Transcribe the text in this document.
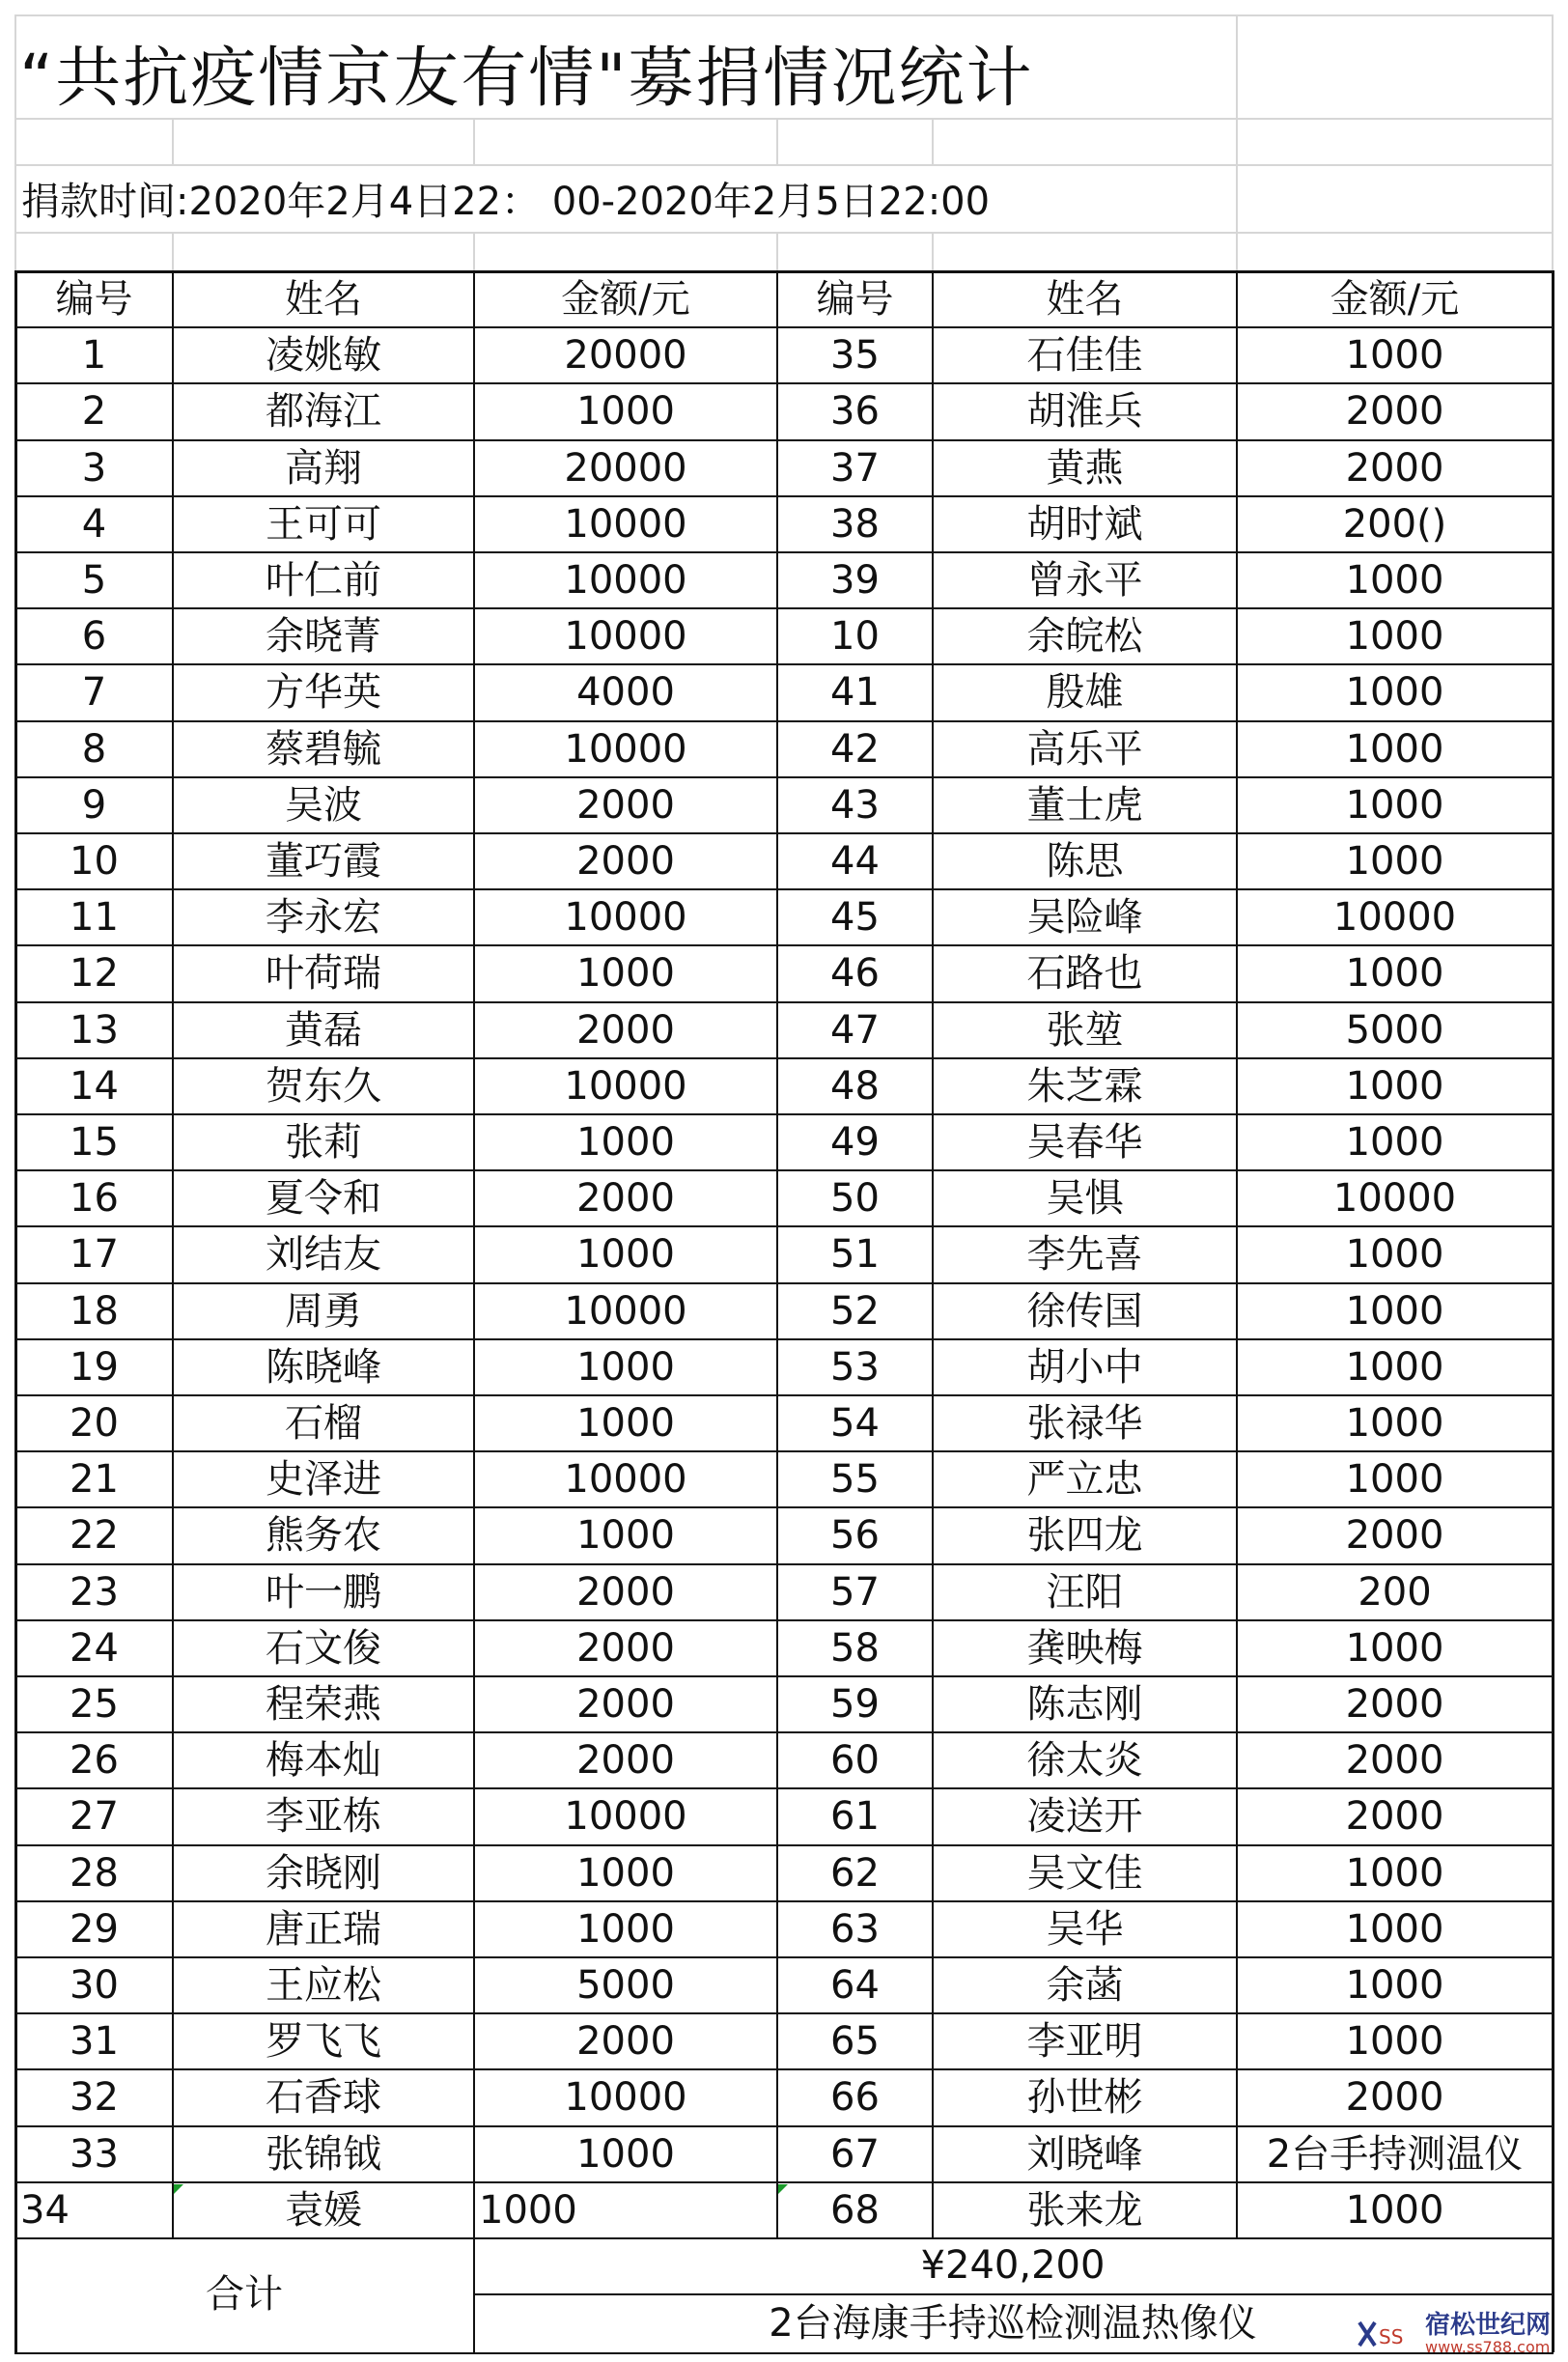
“共抗疫情京友有情"募捐情况统计
捐款时间:2020年2月4日22： 00-2020年2月5日22:00
编号	姓名	金额/元	编号	姓名	金额/元
1	凌姚敏	20000	35	石佳佳	1000
2	都海江	1000	36	胡淮兵	2000
3	高翔	20000	37	黄燕	2000
4	王可可	10000	38	胡时斌	200()
5	叶仁前	10000	39	曾永平	1000
6	余晓菁	10000	10	余皖松	1000
7	方华英	4000	41	殷雄	1000
8	蔡碧毓	10000	42	高乐平	1000
9	吴波	2000	43	董士虎	1000
10	董巧霞	2000	44	陈思	1000
11	李永宏	10000	45	吴险峰	10000
12	叶荷瑞	1000	46	石路也	1000
13	黄磊	2000	47	张堃	5000
14	贺东久	10000	48	朱芝霖	1000
15	张莉	1000	49	吴春华	1000
16	夏令和	2000	50	吴惧	10000
17	刘结友	1000	51	李先喜	1000
18	周勇	10000	52	徐传国	1000
19	陈晓峰	1000	53	胡小中	1000
20	石榴	1000	54	张禄华	1000
21	史泽进	10000	55	严立忠	1000
22	熊务农	1000	56	张四龙	2000
23	叶一鹏	2000	57	汪阳	200
24	石文俊	2000	58	龚映梅	1000
25	程荣燕	2000	59	陈志刚	2000
26	梅本灿	2000	60	徐太炎	2000
27	李亚栋	10000	61	凌送开	2000
28	余晓刚	1000	62	吴文佳	1000
29	唐正瑞	1000	63	吴华	1000
30	王应松	5000	64	余菡	1000
31	罗飞飞	2000	65	李亚明	1000
32	石香球	10000	66	孙世彬	2000
33	张锦钺	1000	67	刘晓峰	2台手持测温仪
34	袁媛	1000	68	张来龙	1000
合计
¥240,200
2台海康手持巡检测温热像仪	SS 宿松世纪网
www.ss788.com
